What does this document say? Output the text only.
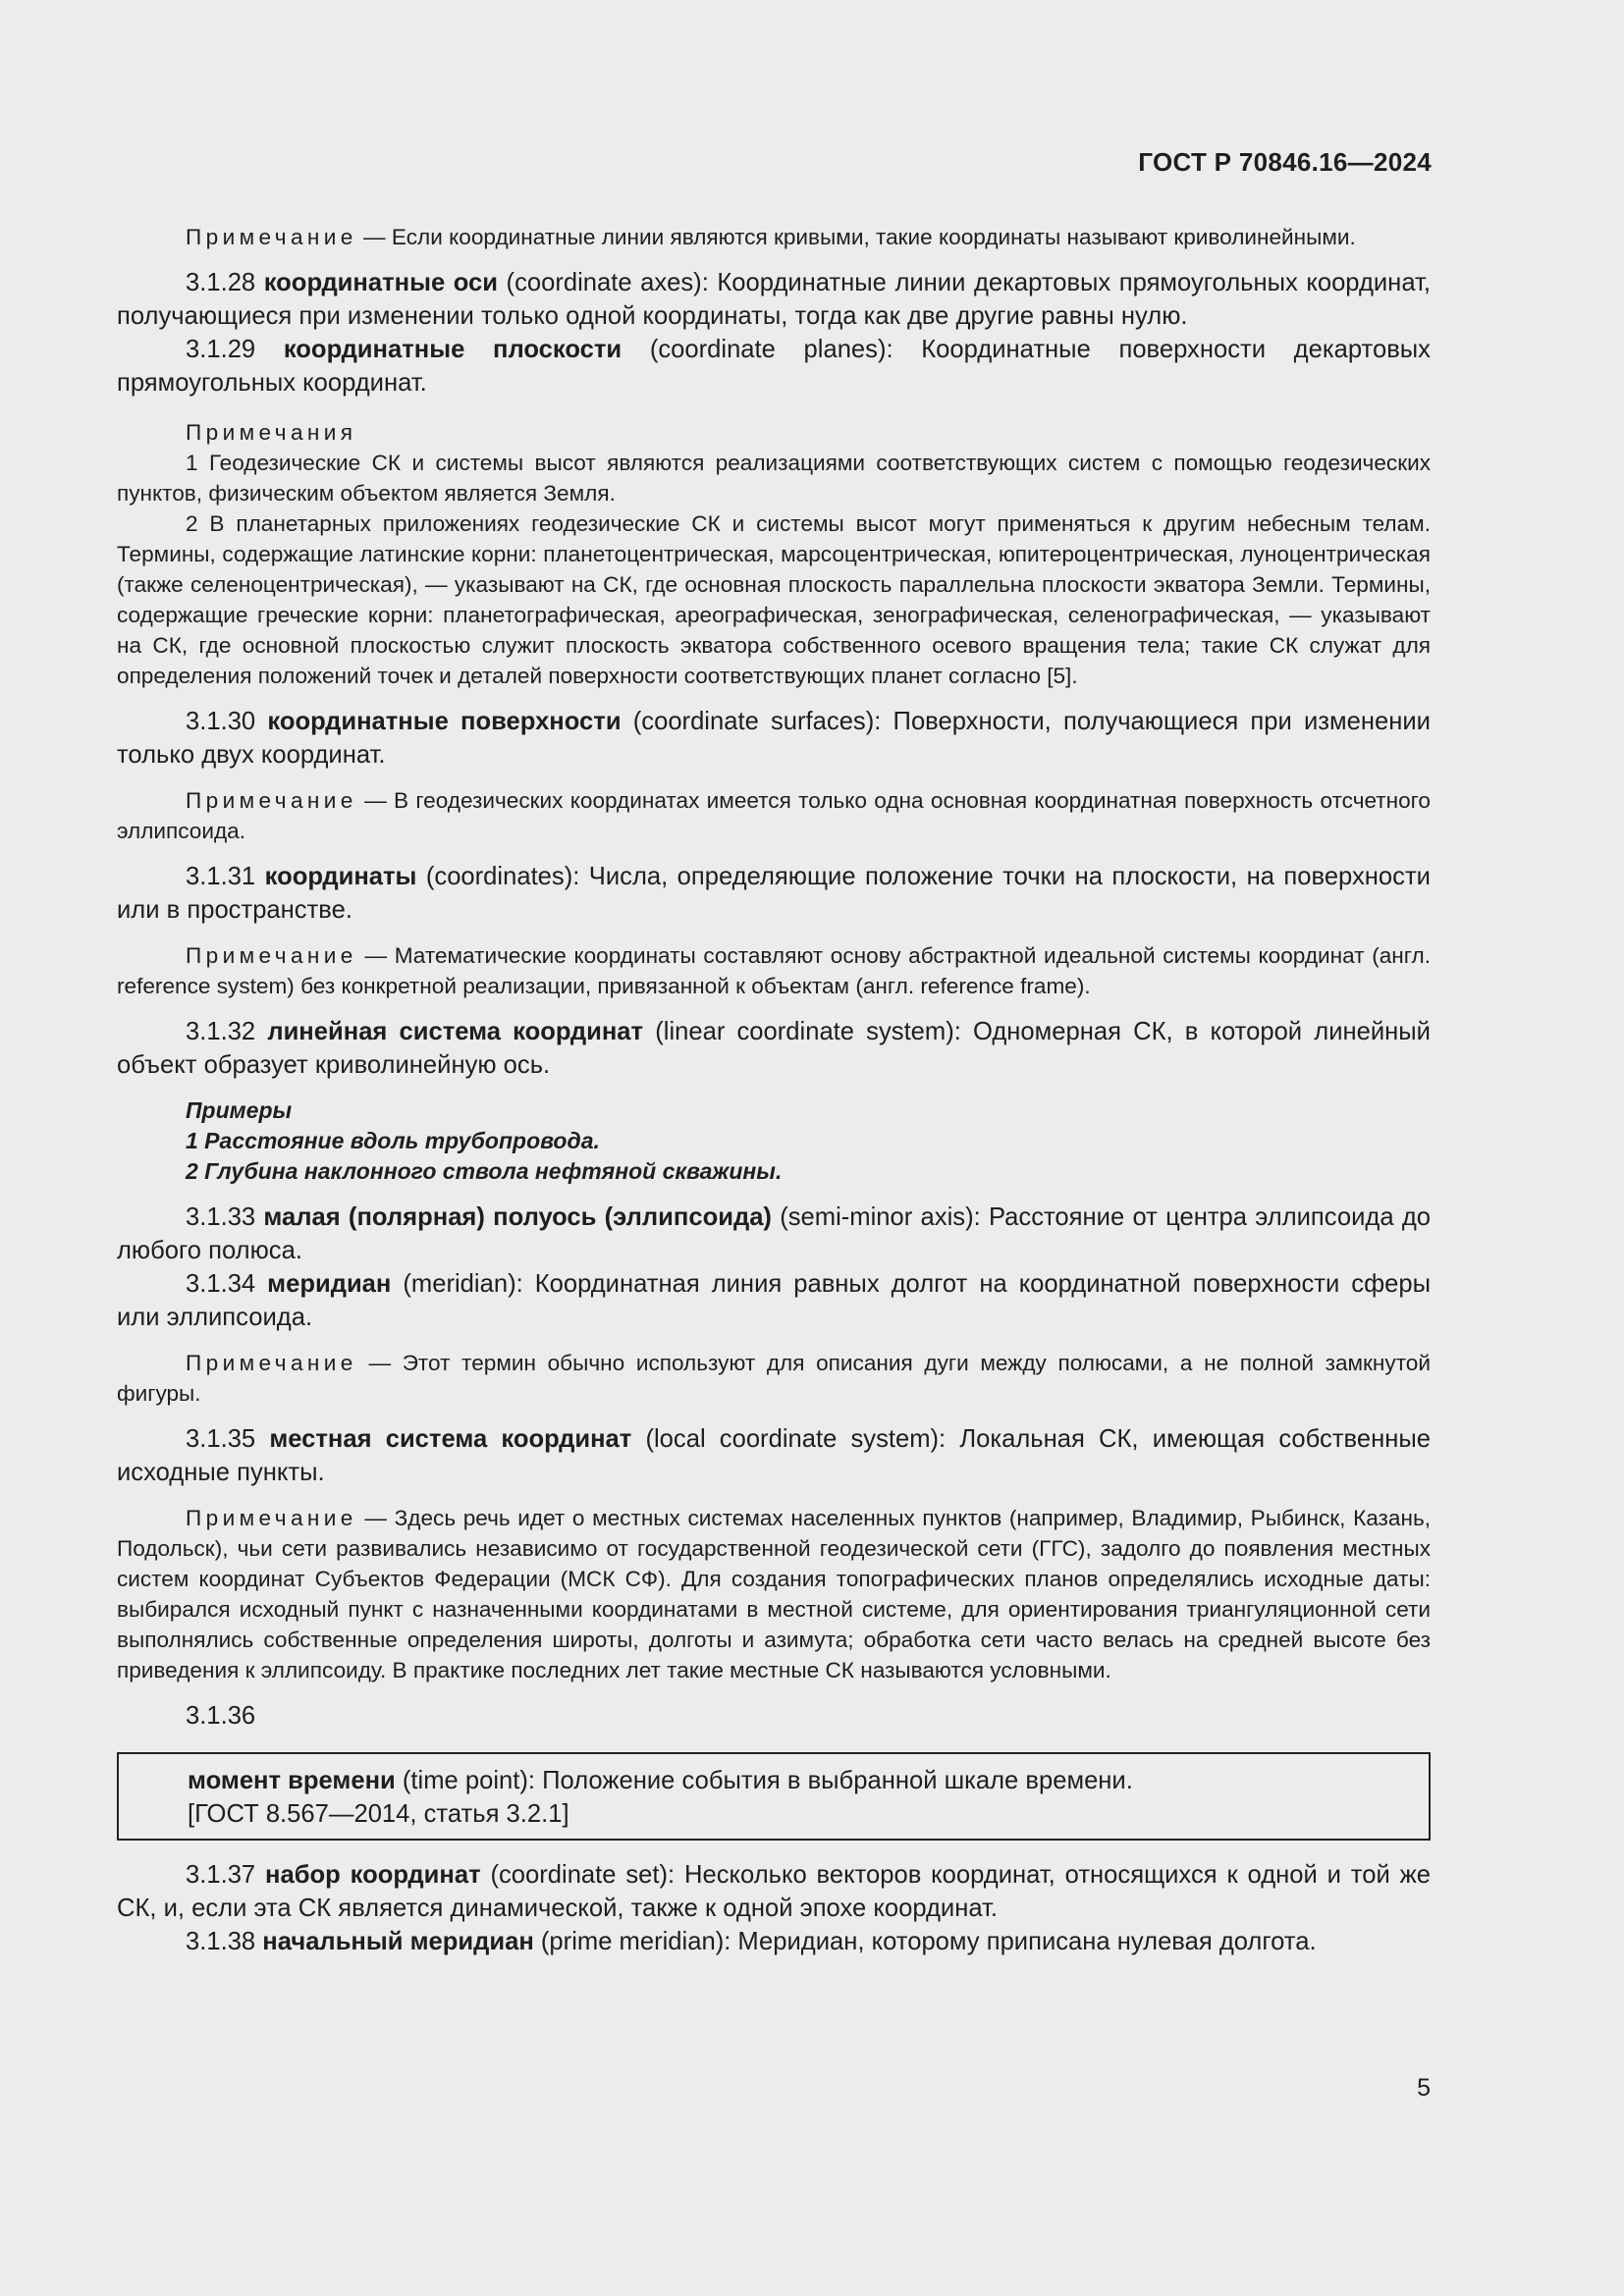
ГОСТ Р 70846.16—2024

Примечание — Если координатные линии являются кривыми, такие координаты называют криволинейными.

3.1.28 координатные оси (coordinate axes): Координатные линии декартовых прямоугольных координат, получающиеся при изменении только одной координаты, тогда как две другие равны нулю.

3.1.29 координатные плоскости (coordinate planes): Координатные поверхности декартовых прямоугольных координат.

Примечания

1 Геодезические СК и системы высот являются реализациями соответствующих систем с помощью геодезических пунктов, физическим объектом является Земля.

2 В планетарных приложениях геодезические СК и системы высот могут применяться к другим небесным телам. Термины, содержащие латинские корни: планетоцентрическая, марсоцентрическая, юпитероцентрическая, луноцентрическая (также селеноцентрическая), — указывают на СК, где основная плоскость параллельна плоскости экватора Земли. Термины, содержащие греческие корни: планетографическая, ареографическая, зенографическая, селенографическая, — указывают на СК, где основной плоскостью служит плоскость экватора собственного осевого вращения тела; такие СК служат для определения положений точек и деталей поверхности соответствующих планет согласно [5].

3.1.30 координатные поверхности (coordinate surfaces): Поверхности, получающиеся при изменении только двух координат.

Примечание — В геодезических координатах имеется только одна основная координатная поверхность отсчетного эллипсоида.

3.1.31 координаты (coordinates): Числа, определяющие положение точки на плоскости, на поверхности или в пространстве.

Примечание — Математические координаты составляют основу абстрактной идеальной системы координат (англ. reference system) без конкретной реализации, привязанной к объектам (англ. reference frame).

3.1.32 линейная система координат (linear coordinate system): Одномерная СК, в которой линейный объект образует криволинейную ось.

Примеры

1 Расстояние вдоль трубопровода.

2 Глубина наклонного ствола нефтяной скважины.

3.1.33 малая (полярная) полуось (эллипсоида) (semi-minor axis): Расстояние от центра эллипсоида до любого полюса.

3.1.34 меридиан (meridian): Координатная линия равных долгот на координатной поверхности сферы или эллипсоида.

Примечание — Этот термин обычно используют для описания дуги между полюсами, а не полной замкнутой фигуры.

3.1.35 местная система координат (local coordinate system): Локальная СК, имеющая собственные исходные пункты.

Примечание — Здесь речь идет о местных системах населенных пунктов (например, Владимир, Рыбинск, Казань, Подольск), чьи сети развивались независимо от государственной геодезической сети (ГГС), задолго до появления местных систем координат Субъектов Федерации (МСК СФ). Для создания топографических планов определялись исходные даты: выбирался исходный пункт с назначенными координатами в местной системе, для ориентирования триангуляционной сети выполнялись собственные определения широты, долготы и азимута; обработка сети часто велась на средней высоте без приведения к эллипсоиду. В практике последних лет такие местные СК называются условными.

3.1.36

момент времени (time point): Положение события в выбранной шкале времени.
[ГОСТ 8.567—2014, статья 3.2.1]

3.1.37 набор координат (coordinate set): Несколько векторов координат, относящихся к одной и той же СК, и, если эта СК является динамической, также к одной эпохе координат.

3.1.38 начальный меридиан (prime meridian): Меридиан, которому приписана нулевая долгота.

5
